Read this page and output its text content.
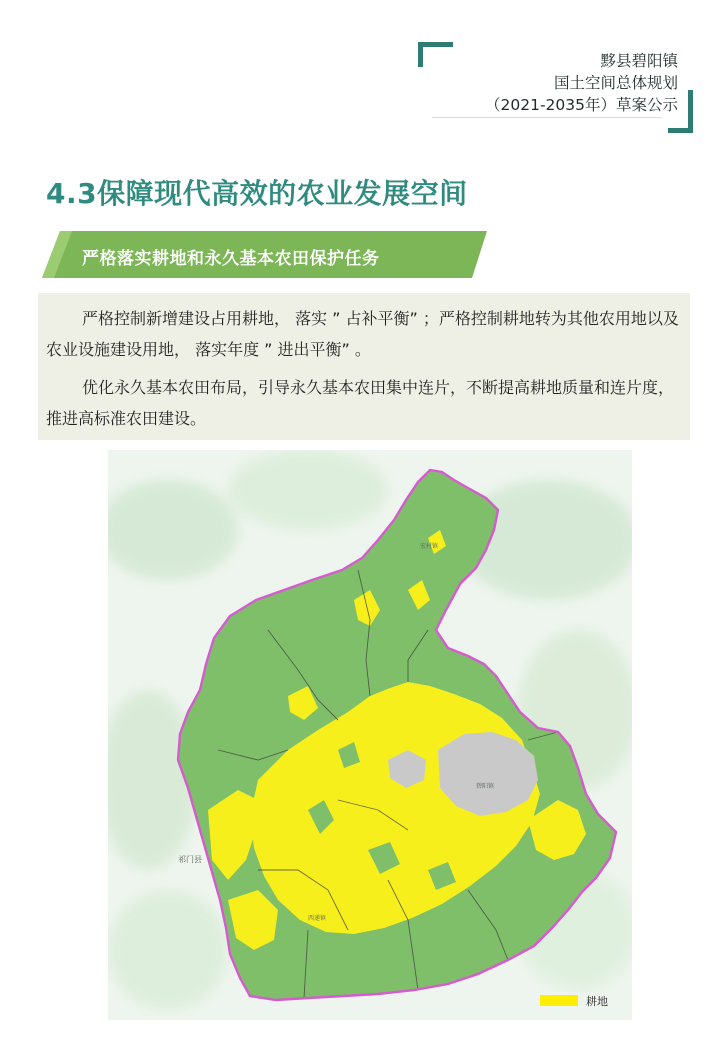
黟县碧阳镇
国土空间总体规划
（2021-2035年）草案公示
4.3保障现代高效的农业发展空间
严格落实耕地和永久基本农田保护任务
严格控制新增建设占用耕地， 落实 ” 占补平衡” ；严格控制耕地转为其他农用地以及农业设施建设用地， 落实年度 ” 进出平衡” 。
优化永久基本农田布局，引导永久基本农田集中连片，不断提高耕地质量和连片度，推进高标准农田建设。
祁门县
西递镇
宏村镇
碧阳镇
耕地
